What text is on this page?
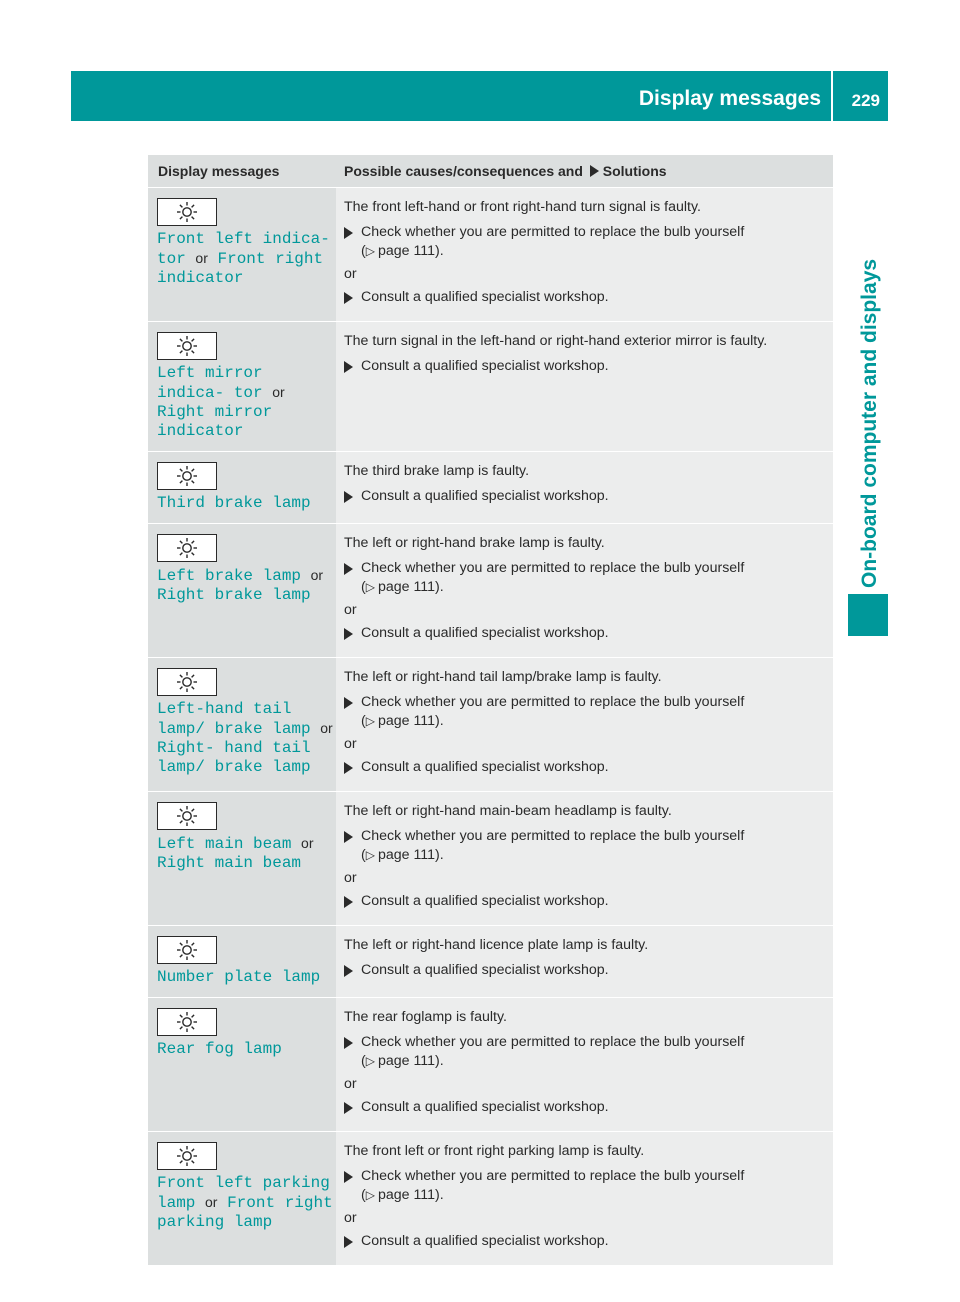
Display messages 229
On-board computer and displays
Display messages	Possible causes/consequences and Solutions
Front left indica‐ tor or Front right indicator
The front left-hand or front right-hand turn signal is faulty.
Check whether you are permitted to replace the bulb yourself
(▷ page 111).
or
Consult a qualified specialist workshop.
Left mirror indica‐ tor or Right mirror indicator
The turn signal in the left-hand or right-hand exterior mirror is faulty.
Consult a qualified specialist workshop.
Third brake lamp
The third brake lamp is faulty.
Consult a qualified specialist workshop.
Left brake lamp or Right brake lamp
The left or right-hand brake lamp is faulty.
Check whether you are permitted to replace the bulb yourself
(▷ page 111).
or
Consult a qualified specialist workshop.
Left-hand tail lamp/ brake lamp or Right- hand tail lamp/ brake lamp
The left or right-hand tail lamp/brake lamp is faulty.
Check whether you are permitted to replace the bulb yourself
(▷ page 111).
or
Consult a qualified specialist workshop.
Left main beam or Right main beam
The left or right-hand main-beam headlamp is faulty.
Check whether you are permitted to replace the bulb yourself
(▷ page 111).
or
Consult a qualified specialist workshop.
Number plate lamp
The left or right-hand licence plate lamp is faulty.
Consult a qualified specialist workshop.
Rear fog lamp
The rear foglamp is faulty.
Check whether you are permitted to replace the bulb yourself
(▷ page 111).
or
Consult a qualified specialist workshop.
Front left parking lamp or Front right parking lamp
The front left or front right parking lamp is faulty.
Check whether you are permitted to replace the bulb yourself
(▷ page 111).
or
Consult a qualified specialist workshop.
